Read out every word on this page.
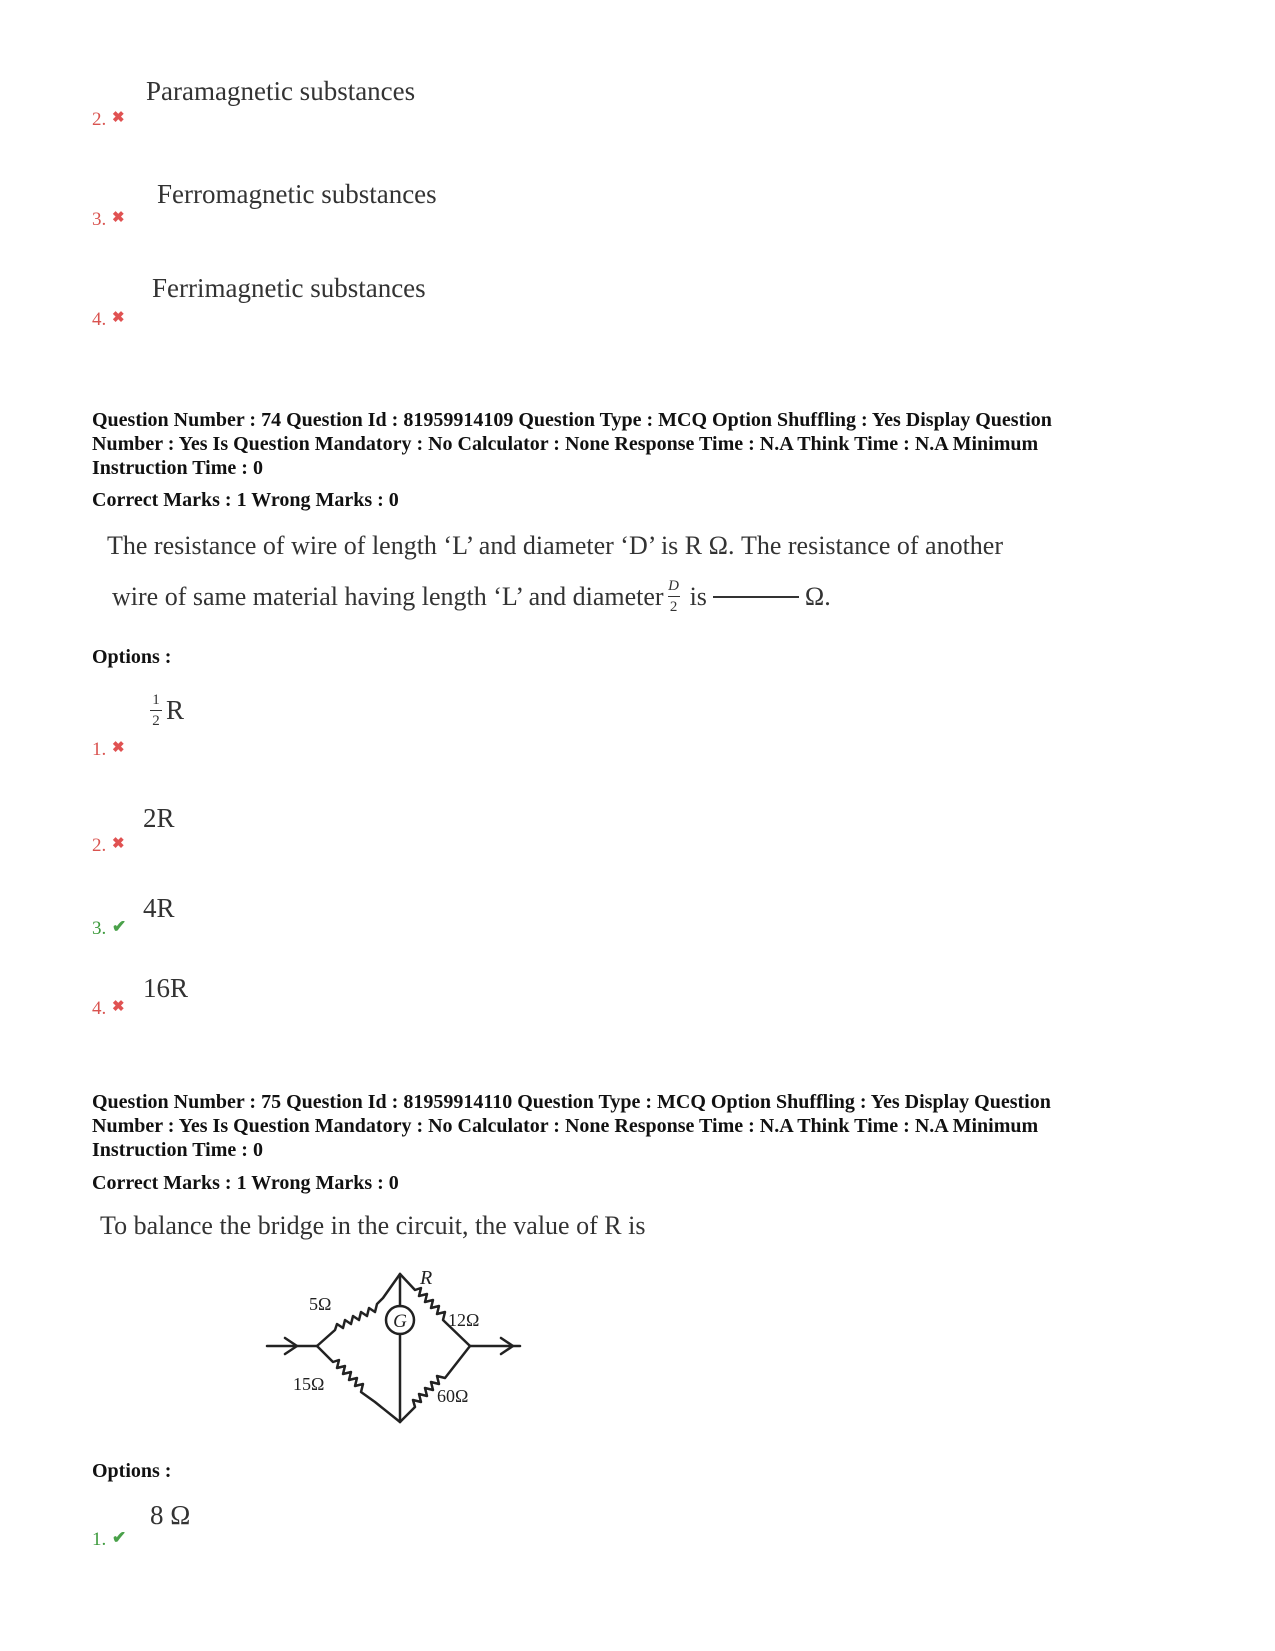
Paramagnetic substances
2. ✖
Ferromagnetic substances
3. ✖
Ferrimagnetic substances
4. ✖
Question Number : 74 Question Id : 81959914109 Question Type : MCQ Option Shuffling : Yes Display Question
Number : Yes Is Question Mandatory : No Calculator : None Response Time : N.A Think Time : N.A Minimum
Instruction Time : 0
Correct Marks : 1 Wrong Marks : 0
The resistance of wire of length ‘L’ and diameter ‘D’ is R Ω. The resistance of another
wire of same material having length ‘L’ and diameter $\frac{D}{2}$ is	Ω.
Options :
$\frac{1}{2}$ R
1. ✖
2R
2. ✖
4R
3. ✔
16R
4. ✖
Question Number : 75 Question Id : 81959914110 Question Type : MCQ Option Shuffling : Yes Display Question
Number : Yes Is Question Mandatory : No Calculator : None Response Time : N.A Think Time : N.A Minimum
Instruction Time : 0
Correct Marks : 1 Wrong Marks : 0
To balance the bridge in the circuit, the value of R is
G
5Ω
R
12Ω
15Ω
60Ω
Options :
8 Ω
1. ✔
